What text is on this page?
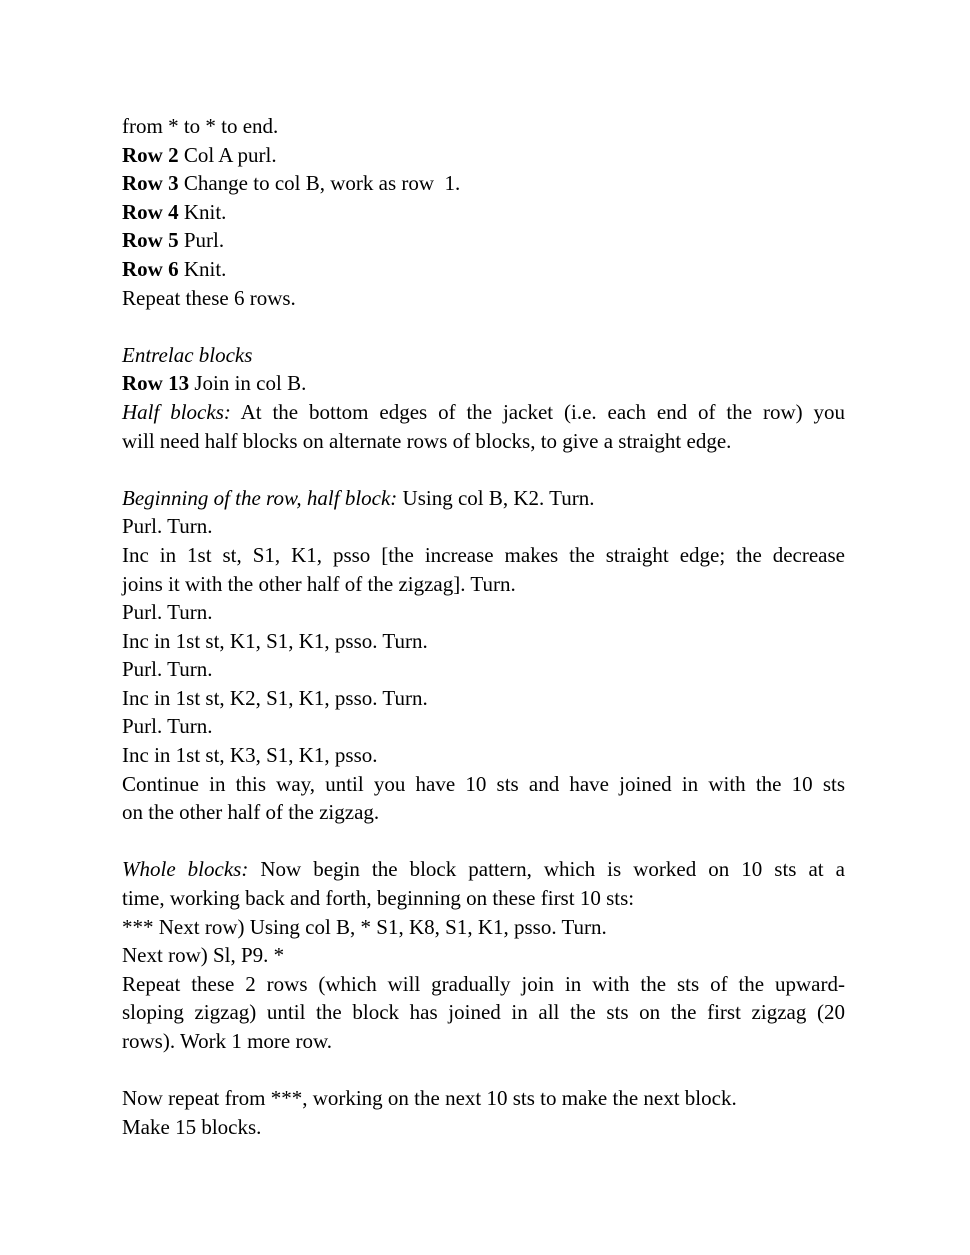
from * to * to end.
Row 2 Col A purl.
Row 3 Change to col B, work as row  1.
Row 4 Knit.
Row 5 Purl.
Row 6 Knit.
Repeat these 6 rows.
Entrelac blocks
Row 13 Join in col B.
Half blocks: At the bottom edges of the jacket (i.e. each end of the row) you
will need half blocks on alternate rows of blocks, to give a straight edge.
Beginning of the row, half block: Using col B, K2. Turn.
Purl. Turn.
Inc in 1st st, S1, K1, psso [the increase makes the straight edge; the decrease
joins it with the other half of the zigzag]. Turn.
Purl. Turn.
Inc in 1st st, K1, S1, K1, psso. Turn.
Purl. Turn.
Inc in 1st st, K2, S1, K1, psso. Turn.
Purl. Turn.
Inc in 1st st, K3, S1, K1, psso.
Continue in this way, until you have 10 sts and have joined in with the 10 sts
on the other half of the zigzag.
Whole blocks: Now begin the block pattern, which is worked on 10 sts at a
time, working back and forth, beginning on these first 10 sts:
*** Next row) Using col B, * S1, K8, S1, K1, psso. Turn.
Next row) Sl, P9. *
Repeat these 2 rows (which will gradually join in with the sts of the upward-
sloping zigzag) until the block has joined in all the sts on the first zigzag (20
rows). Work 1 more row.
Now repeat from ***, working on the next 10 sts to make the next block.
Make 15 blocks.
